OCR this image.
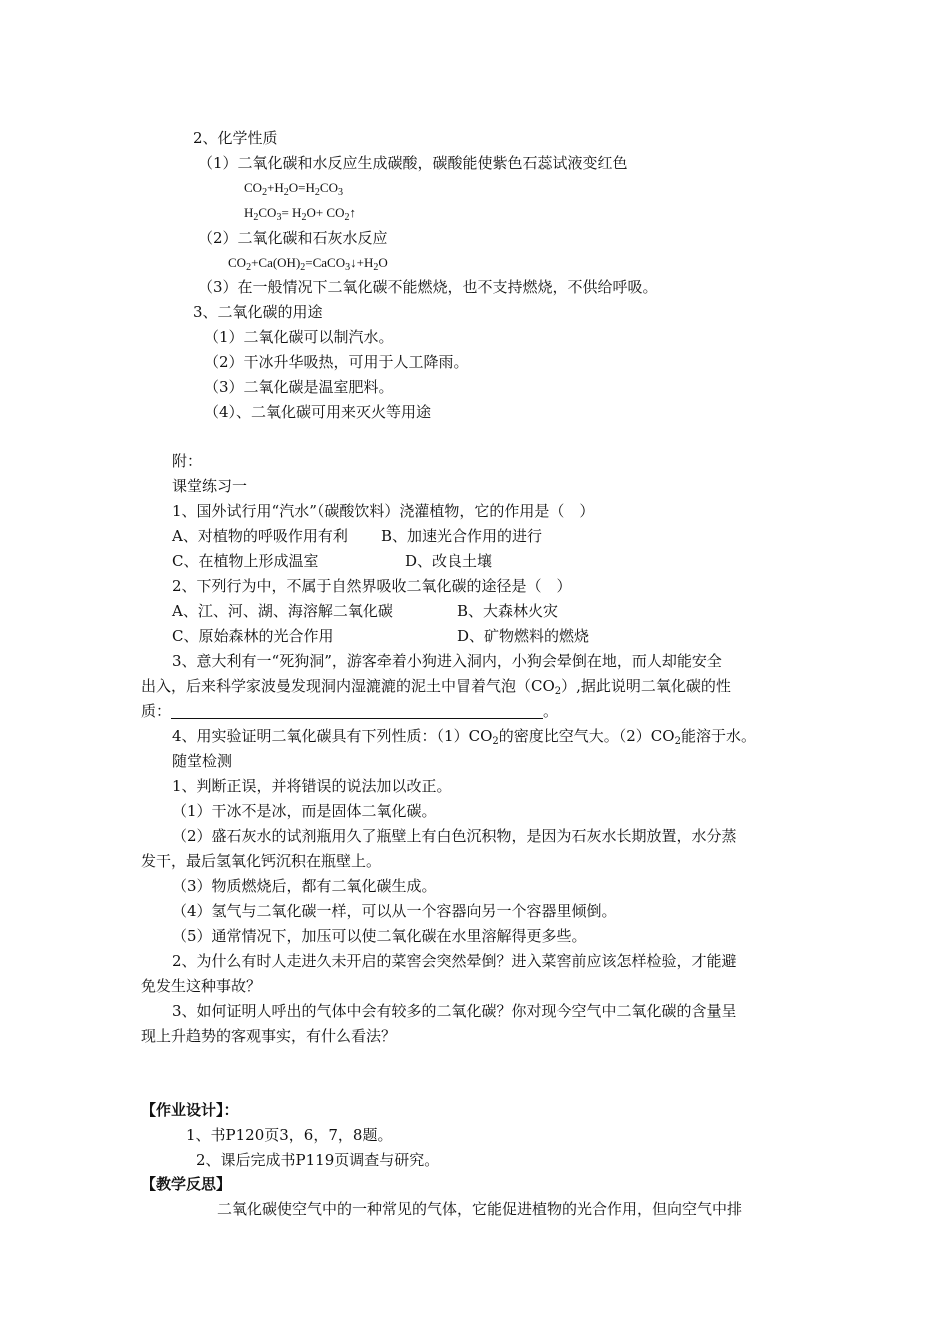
2、化学性质
（1）二氧化碳和水反应生成碳酸，碳酸能使紫色石蕊试液变红色
$CO_2+H_2O=H_2CO_3$
$H_2CO_3= H_2O+$ $CO_2↑$
（2）二氧化碳和石灰水反应
$CO_2+Ca(OH)_2=CaCO_3↓+H_2O$
（3）在一般情况下二氧化碳不能燃烧，也不支持燃烧，不供给呼吸。
3、二氧化碳的用途
（1）二氧化碳可以制汽水。
（2）干冰升华吸热，可用于人工降雨。
（3）二氧化碳是温室肥料。
（4）、二氧化碳可用来灭火等用途
附：
课堂练习一
1、国外试行用“汽水”（碳酸饮料）浇灌植物，它的作用是（　）
A、对植物的呼吸作用有利 B、加速光合作用的进行
C、在植物上形成温室	D、改良土壤
2、下列行为中，不属于自然界吸收二氧化碳的途径是（　）
A、江、河、湖、海溶解二氧化碳	B、大森林火灾
C、原始森林的光合作用	D、矿物燃料的燃烧
3、意大利有一“死狗洞”，游客牵着小狗进入洞内，小狗会晕倒在地，而人却能安全
出入，后来科学家波曼发现洞内湿漉漉的泥土中冒着气泡$(CO_2)$,据此说明二氧化碳的性
质：	。
4、用实验证明二氧化碳具有下列性质：$(1)CO_2$的密度比空气大。$(2)CO_2$能溶于水。
随堂检测
1、判断正误，并将错误的说法加以改正。
（1）干冰不是冰，而是固体二氧化碳。
（2）盛石灰水的试剂瓶用久了瓶壁上有白色沉积物，是因为石灰水长期放置，水分蒸
发干，最后氢氧化钙沉积在瓶壁上。
（3）物质燃烧后，都有二氧化碳生成。
（4）氢气与二氧化碳一样，可以从一个容器向另一个容器里倾倒。
（5）通常情况下，加压可以使二氧化碳在水里溶解得更多些。
2、为什么有时人走进久未开启的菜窖会突然晕倒？进入菜窖前应该怎样检验，才能避
免发生这种事故？
3、如何证明人呼出的气体中会有较多的二氧化碳？你对现今空气中二氧化碳的含量呈
现上升趋势的客观事实，有什么看法？
【作业设计】：
1、书P120页3，6，7，8题。
2、课后完成书P119页调查与研究。
【教学反思】
二氧化碳使空气中的一种常见的气体，它能促进植物的光合作用，但向空气中排
